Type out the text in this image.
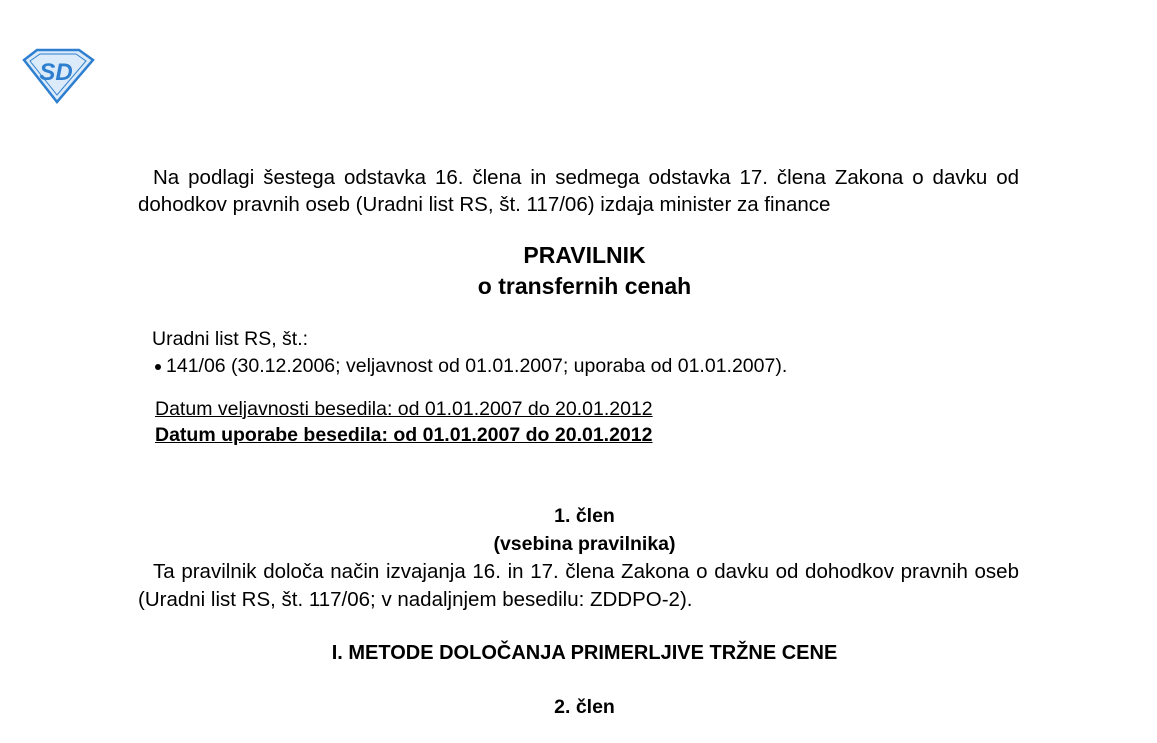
SD

Na podlagi šestega odstavka 16. člena in sedmega odstavka 17. člena Zakona o davku od dohodkov pravnih oseb (Uradni list RS, št. 117/06) izdaja minister za finance

PRAVILNIK
o transfernih cenah
Uradni list RS, št.:
141/06 (30.12.2006; veljavnost od 01.01.2007; uporaba od 01.01.2007).
Datum veljavnosti besedila: od 01.01.2007 do 20.01.2012
Datum uporabe besedila: od 01.01.2007 do 20.01.2012

1. člen

(vsebina pravilnika)

Ta pravilnik določa način izvajanja 16. in 17. člena Zakona o davku od dohodkov pravnih oseb (Uradni list RS, št. 117/06; v nadaljnjem besedilu: ZDDPO-2).

I. METODE DOLOČANJA PRIMERLJIVE TRŽNE CENE

2. člen
